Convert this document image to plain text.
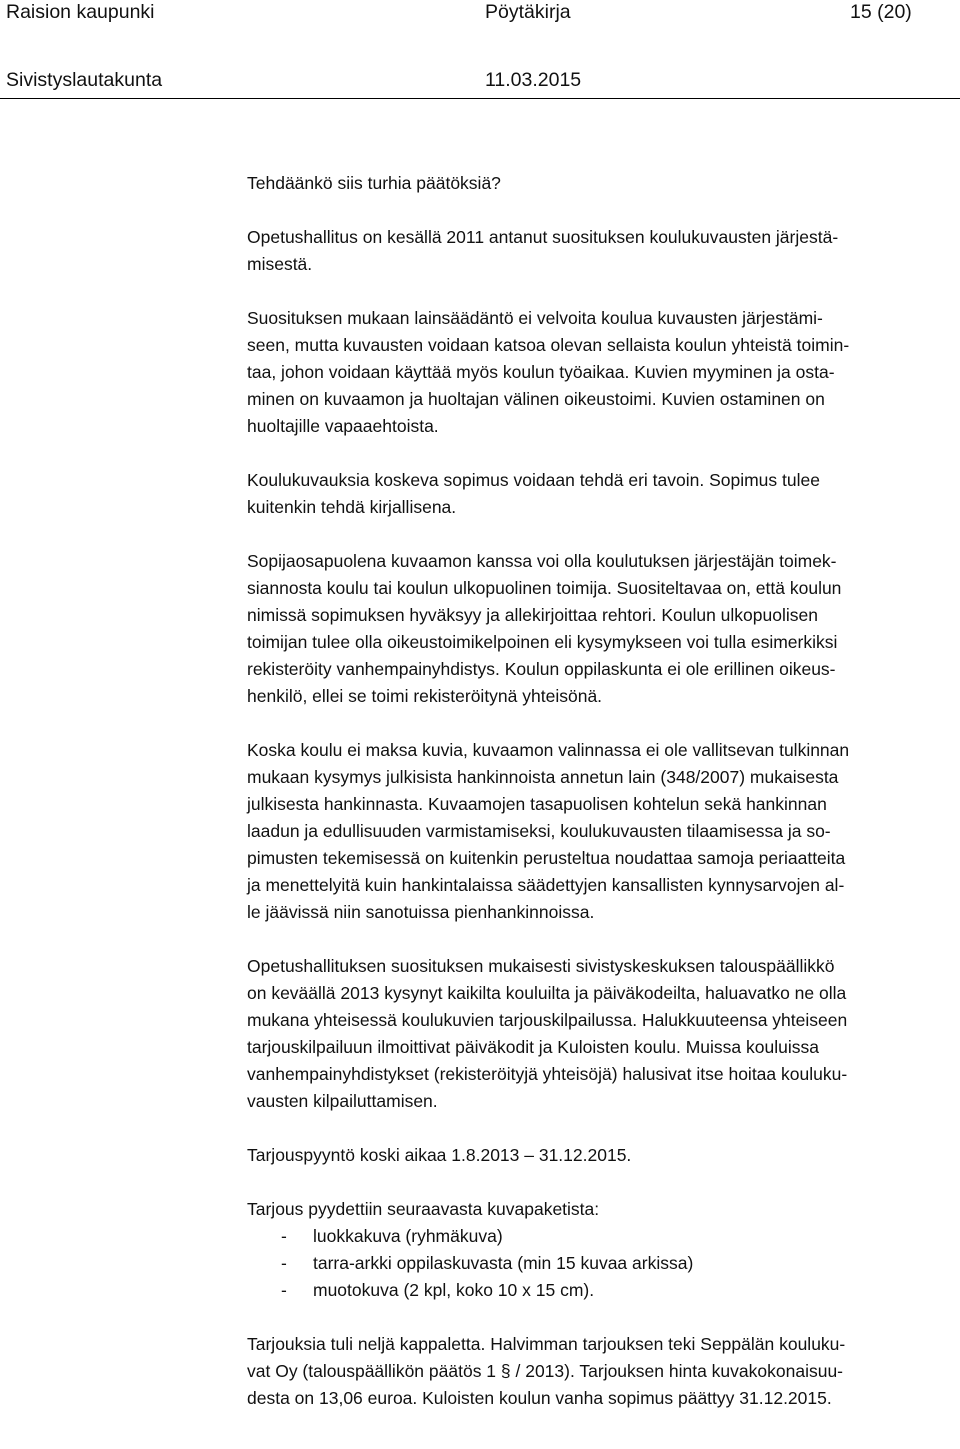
Raision kaupunki	Pöytäkirja	15 (20)
Sivistyslautakunta	11.03.2015
Tehdäänkö siis turhia päätöksiä?
Opetushallitus on kesällä 2011 antanut suosituksen koulukuvausten järjestä-
misestä.
Suosituksen mukaan lainsäädäntö ei velvoita koulua kuvausten järjestämi-
seen, mutta kuvausten voidaan katsoa olevan sellaista koulun yhteistä toimin-
taa, johon voidaan käyttää myös koulun työaikaa. Kuvien myyminen ja osta-
minen on kuvaamon ja huoltajan välinen oikeustoimi. Kuvien ostaminen on
huoltajille vapaaehtoista.
Koulukuvauksia koskeva sopimus voidaan tehdä eri tavoin. Sopimus tulee
kuitenkin tehdä kirjallisena.
Sopijaosapuolena kuvaamon kanssa voi olla koulutuksen järjestäjän toimek-
siannosta koulu tai koulun ulkopuolinen toimija. Suositeltavaa on, että koulun
nimissä sopimuksen hyväksyy ja allekirjoittaa rehtori. Koulun ulkopuolisen
toimijan tulee olla oikeustoimikelpoinen eli kysymykseen voi tulla esimerkiksi
rekisteröity vanhempainyhdistys. Koulun oppilaskunta ei ole erillinen oikeus-
henkilö, ellei se toimi rekisteröitynä yhteisönä.
Koska koulu ei maksa kuvia, kuvaamon valinnassa ei ole vallitsevan tulkinnan
mukaan kysymys julkisista hankinnoista annetun lain (348/2007) mukaisesta
julkisesta hankinnasta. Kuvaamojen tasapuolisen kohtelun sekä hankinnan
laadun ja edullisuuden varmistamiseksi, koulukuvausten tilaamisessa ja so-
pimusten tekemisessä on kuitenkin perusteltua noudattaa samoja periaatteita
ja menettelyitä kuin hankintalaissa säädettyjen kansallisten kynnysarvojen al-
le jäävissä niin sanotuissa pienhankinnoissa.
Opetushallituksen suosituksen mukaisesti sivistyskeskuksen talouspäällikkö
on keväällä 2013 kysynyt kaikilta kouluilta ja päiväkodeilta, haluavatko ne olla
mukana yhteisessä koulukuvien tarjouskilpailussa. Halukkuuteensa yhteiseen
tarjouskilpailuun ilmoittivat päiväkodit ja Kuloisten koulu. Muissa kouluissa
vanhempainyhdistykset (rekisteröityjä yhteisöjä) halusivat itse hoitaa kouluku-
vausten kilpailuttamisen.
Tarjouspyyntö koski aikaa 1.8.2013 – 31.12.2015.
Tarjous pyydettiin seuraavasta kuvapaketista:
-	luokkakuva (ryhmäkuva)
-	tarra-arkki oppilaskuvasta (min 15 kuvaa arkissa)
-	muotokuva (2 kpl, koko 10 x 15 cm).
Tarjouksia tuli neljä kappaletta. Halvimman tarjouksen teki Seppälän kouluku-
vat Oy (talouspäällikön päätös 1 § / 2013). Tarjouksen hinta kuvakokonaisuu-
desta on 13,06 euroa. Kuloisten koulun vanha sopimus päättyy 31.12.2015.
